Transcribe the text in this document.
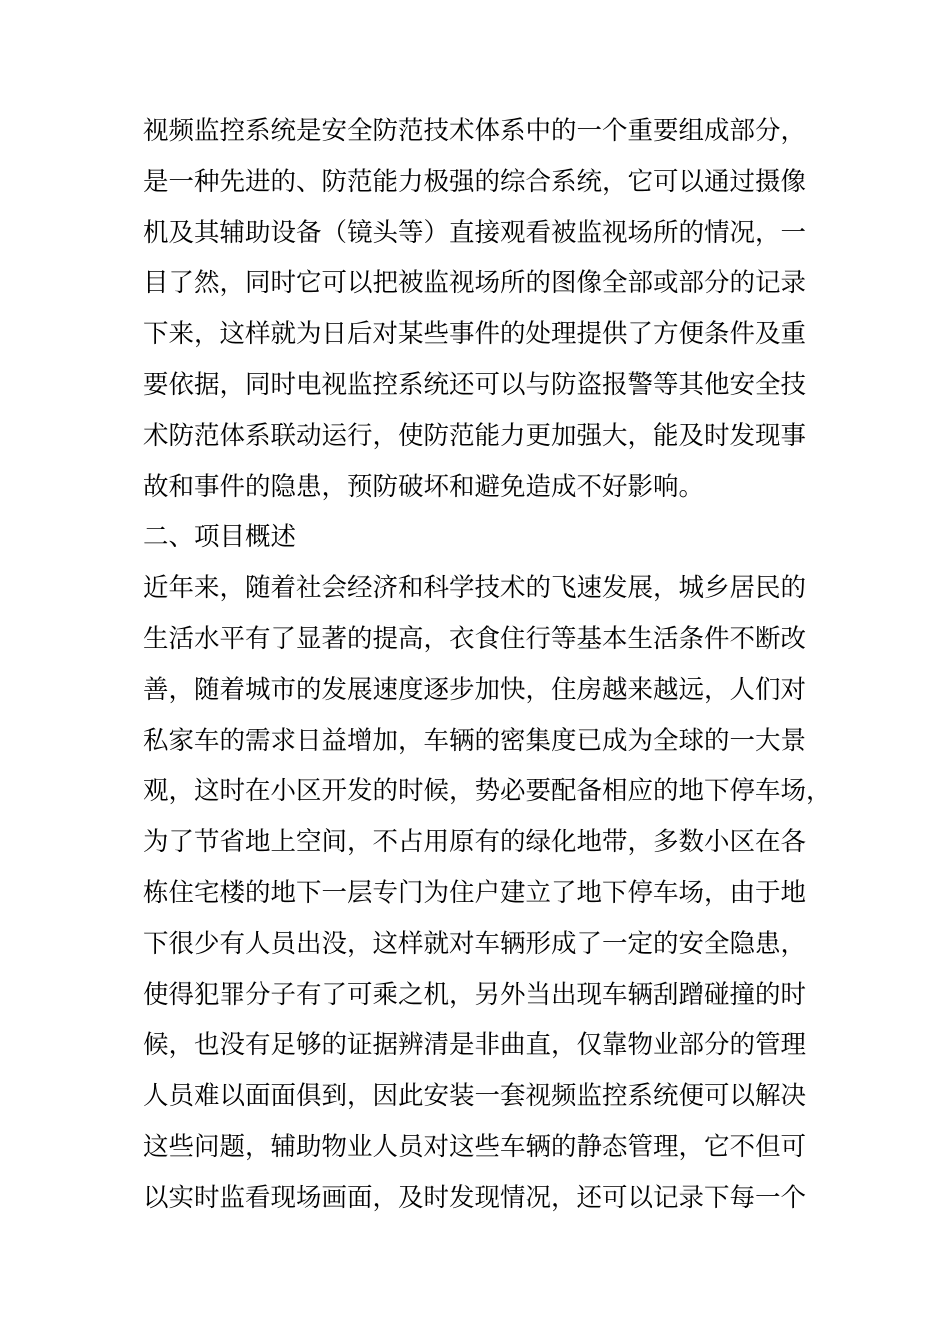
视频监控系统是安全防范技术体系中的一个重要组成部分，
是一种先进的、防范能力极强的综合系统，它可以通过摄像
机及其辅助设备（镜头等）直接观看被监视场所的情况，一
目了然，同时它可以把被监视场所的图像全部或部分的记录
下来，这样就为日后对某些事件的处理提供了方便条件及重
要依据，同时电视监控系统还可以与防盗报警等其他安全技
术防范体系联动运行，使防范能力更加强大，能及时发现事
故和事件的隐患，预防破坏和避免造成不好影响。
二、项目概述
近年来，随着社会经济和科学技术的飞速发展，城乡居民的
生活水平有了显著的提高，衣食住行等基本生活条件不断改
善，随着城市的发展速度逐步加快，住房越来越远，人们对
私家车的需求日益增加，车辆的密集度已成为全球的一大景
观，这时在小区开发的时候，势必要配备相应的地下停车场，
为了节省地上空间，不占用原有的绿化地带，多数小区在各
栋住宅楼的地下一层专门为住户建立了地下停车场，由于地
下很少有人员出没，这样就对车辆形成了一定的安全隐患，
使得犯罪分子有了可乘之机，另外当出现车辆刮蹭碰撞的时
候，也没有足够的证据辨清是非曲直，仅靠物业部分的管理
人员难以面面俱到，因此安装一套视频监控系统便可以解决
这些问题，辅助物业人员对这些车辆的静态管理，它不但可
以实时监看现场画面，及时发现情况，还可以记录下每一个
